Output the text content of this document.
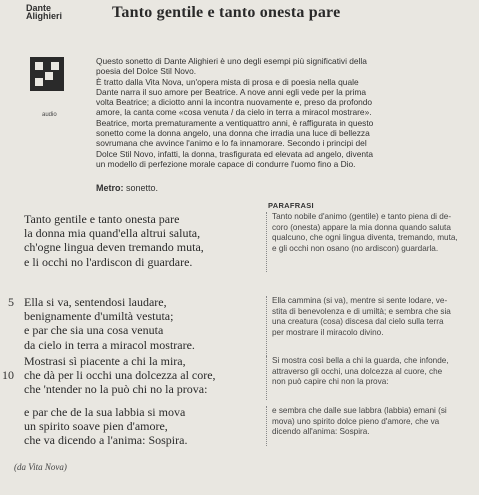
Dante
Alighieri	Tanto gentile e tanto onesta pare
audio
Questo sonetto di Dante Alighieri è uno degli esempi più significativi della
poesia del Dolce Stil Novo.
È tratto dalla Vita Nova, un'opera mista di prosa e di poesia nella quale
Dante narra il suo amore per Beatrice. A nove anni egli vede per la prima
volta Beatrice; a diciotto anni la incontra nuovamente e, preso da profondo
amore, la canta come «cosa venuta / da cielo in terra a miracol mostrare».
Beatrice, morta prematuramente a ventiquattro anni, è raffigurata in questo
sonetto come la donna angelo, una donna che irradia una luce di bellezza
sovrumana che avvince l'animo e lo fa innamorare. Secondo i principi del
Dolce Stil Novo, infatti, la donna, trasfigurata ed elevata ad angelo, diventa
un modello di perfezione morale capace di condurre l'uomo fino a Dio.
Metro: sonetto.
PARAFRASI
Tanto gentile e tanto onesta pare
la donna mia quand'ella altrui saluta,
ch'ogne lingua deven tremando muta,
e li occhi no l'ardiscon di guardare.
Tanto nobile d'animo (gentile) e tanto piena di de-
coro (onesta) appare la mia donna quando saluta
qualcuno, che ogni lingua diventa, tremando, muta,
e gli occhi non osano (no ardiscon) guardarla.
5 Ella si va, sentendosi laudare,
benignamente d'umiltà vestuta;
e par che sia una cosa venuta
da cielo in terra a miracol mostrare.
Ella cammina (si va), mentre si sente lodare, ve-
stita di benevolenza e di umiltà; e sembra che sia
una creatura (cosa) discesa dal cielo sulla terra
per mostrare il miracolo divino.
10
Mostrasi sì piacente a chi la mira,
che dà per li occhi una dolcezza al core,
che 'ntender no la può chi no la prova:
Si mostra così bella a chi la guarda, che infonde,
attraverso gli occhi, una dolcezza al cuore, che
non può capire chi non la prova:
e par che de la sua labbia si mova
un spirito soave pien d'amore,
che va dicendo a l'anima: Sospira.
e sembra che dalle sue labbra (labbia) emani (si
mova) uno spirito dolce pieno d'amore, che va
dicendo all'anima: Sospira.
(da Vita Nova)
